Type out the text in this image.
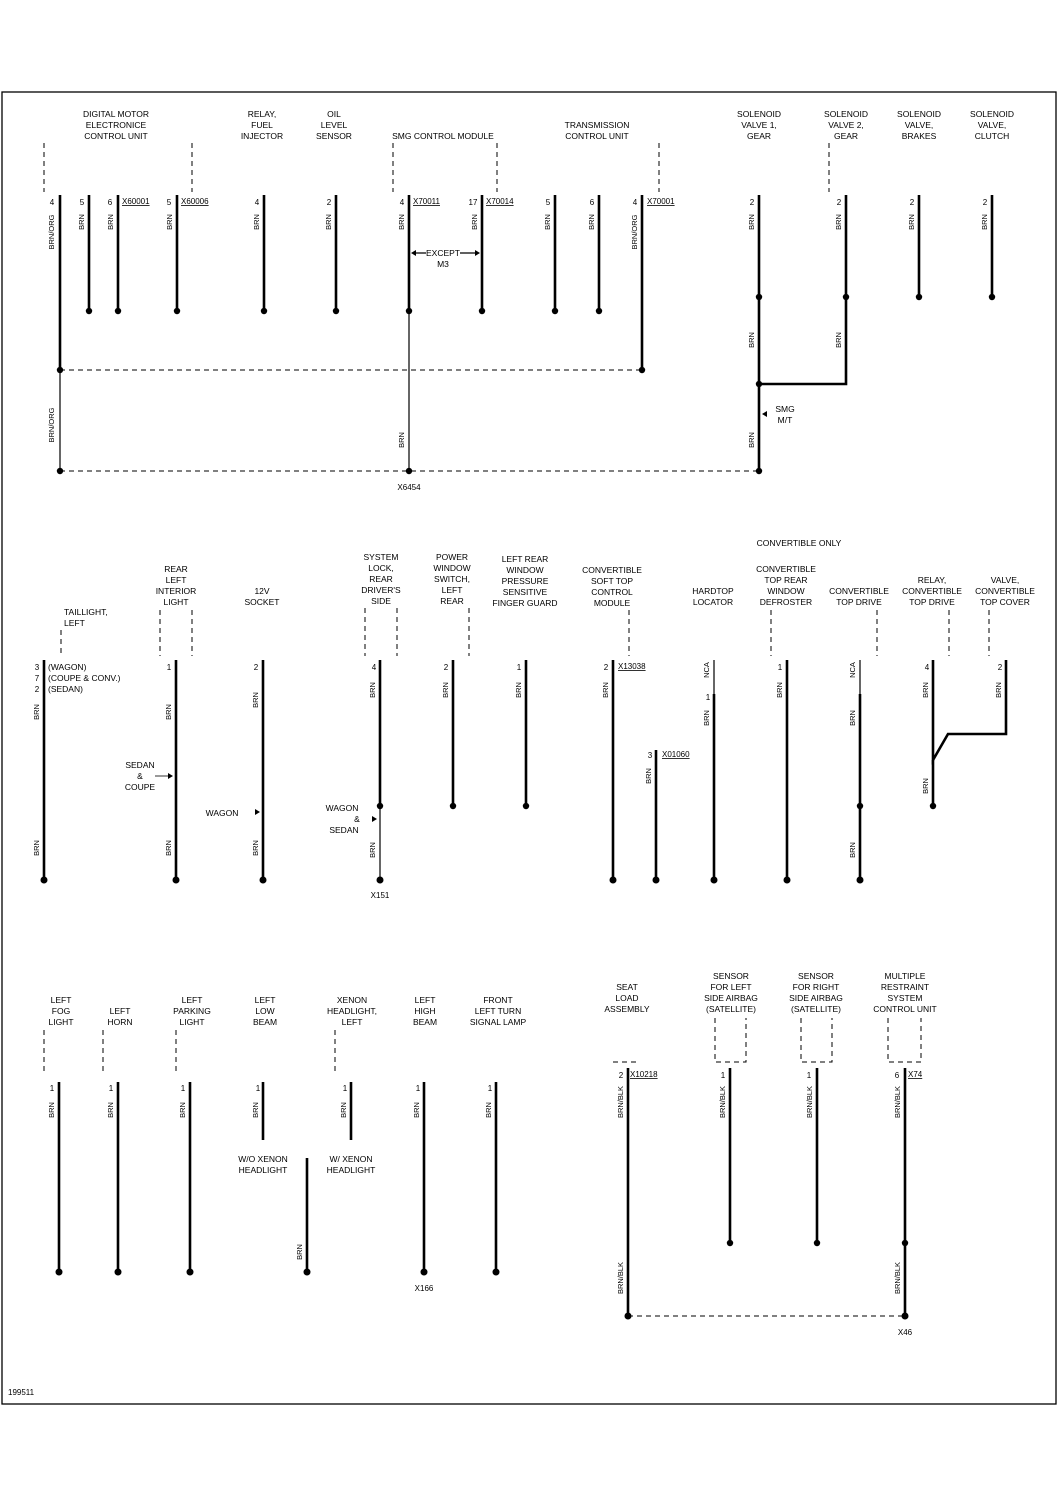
DIGITAL MOTOR
ELECTRONICE
CONTROL UNIT
RELAY,
FUEL
INJECTOR
OIL
LEVEL
SENSOR	SMG CONTROL MODULE
TRANSMISSION
CONTROL UNIT
SOLENOID
VALVE 1,
GEAR
SOLENOID
VALVE 2,
GEAR
SOLENOID
VALVE,
BRAKES
SOLENOID
VALVE,
CLUTCH
4	5	6	5	4	2	4	17	5	6	4	2	2	2	2
X60001	X60006	X70011	X70014	X70001
BRN/ORG	BRN	BRN	BRN	BRN	BRN	BRN	BRN	BRN	BRN	BRN/ORG	BRN	BRN	BRN	BRN
BRN	BRN
BRN/ORG	BRN	BRN
EXCEPT
M3
SMG
M/T
X6454
CONVERTIBLE ONLY
TAILLIGHT,
LEFT
REAR
LEFT
INTERIOR
LIGHT
12V
SOCKET
SYSTEM
LOCK,
REAR
DRIVER'S
SIDE
POWER
WINDOW
SWITCH,
LEFT
REAR
LEFT REAR
WINDOW
PRESSURE
SENSITIVE
FINGER GUARD
CONVERTIBLE
SOFT TOP
CONTROL
MODULE
HARDTOP
LOCATOR
CONVERTIBLE
TOP REAR
WINDOW
DEFROSTER
CONVERTIBLE
TOP DRIVE
RELAY,
CONVERTIBLE
TOP DRIVE
VALVE,
CONVERTIBLE
TOP COVER
3
7
2
(WAGON)
(COUPE & CONV.)
(SEDAN)
1	2	4	2	1	2
3
1
1	4	2
X13038
X01060
BRN
BRN
BRN
BRN
BRN
BRN
BRN
BRN
BRN	BRN	BRN
BRN
NCA
BRN
BRN
NCA
BRN
BRN
BRN	BRN
BRN
SEDAN
&
COUPE
WAGON	WAGON
&
SEDAN
X151
LEFT
FOG
LIGHT
LEFT
HORN
LEFT
PARKING
LIGHT
LEFT
LOW
BEAM
XENON
HEADLIGHT,
LEFT
LEFT
HIGH
BEAM
FRONT
LEFT TURN
SIGNAL LAMP
SEAT
LOAD
ASSEMBLY
SENSOR
FOR LEFT
SIDE AIRBAG
(SATELLITE)
SENSOR
FOR RIGHT
SIDE AIRBAG
(SATELLITE)
MULTIPLE
RESTRAINT
SYSTEM
CONTROL UNIT
1	1	1	1	1	1	1
2	1	1	6
X10218	X74
BRN	BRN	BRN	BRN	BRN	BRN	BRN
BRN
BRN/BLK	BRN/BLK	BRN/BLK	BRN/BLK
BRN/BLK	BRN/BLK
W/O XENON
HEADLIGHT
W/ XENON
HEADLIGHT
X166
X46
199511
